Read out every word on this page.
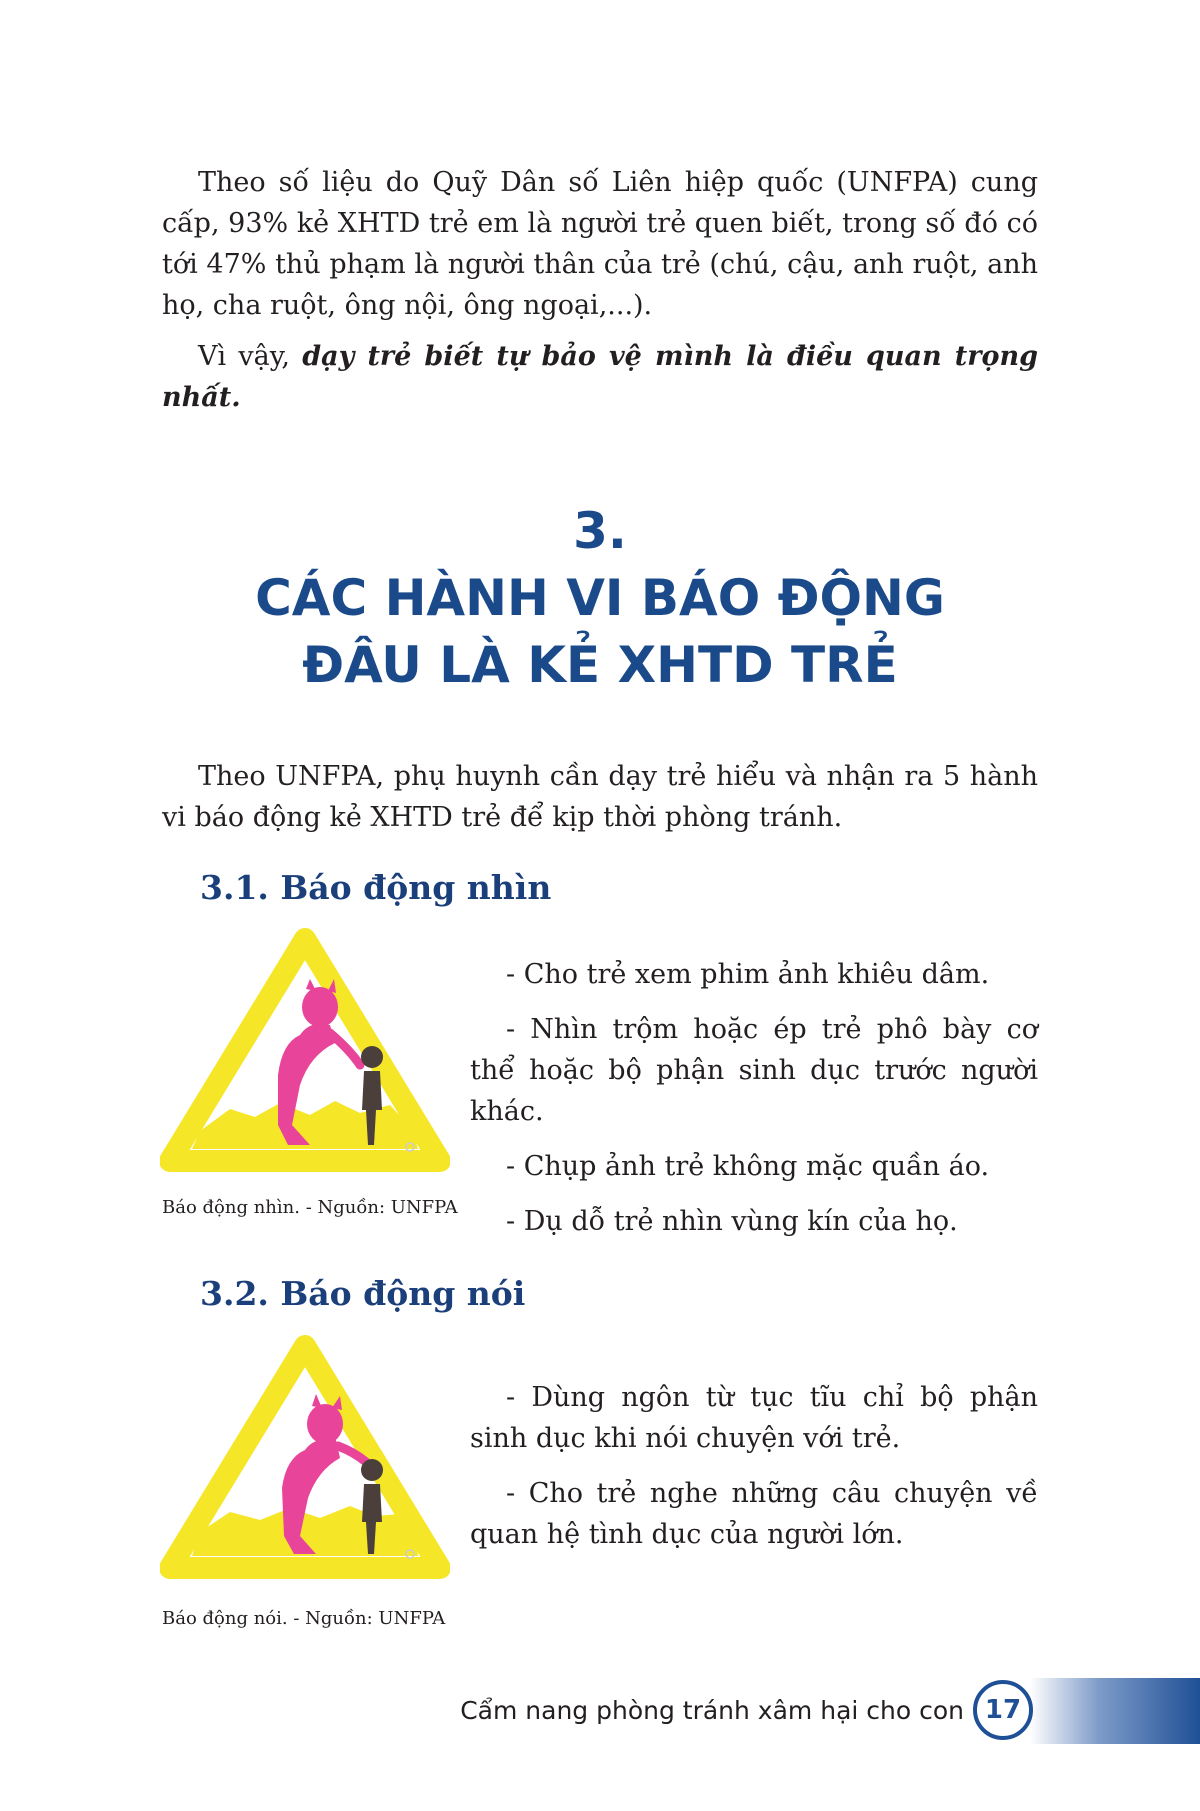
Theo số liệu do Quỹ Dân số Liên hiệp quốc (UNFPA) cung cấp, 93% kẻ XHTD trẻ em là người trẻ quen biết, trong số đó có tới 47% thủ phạm là người thân của trẻ (chú, cậu, anh ruột, anh họ, cha ruột, ông nội, ông ngoại,...).

Vì vậy, dạy trẻ biết tự bảo vệ mình là điều quan trọng nhất.

3.
CÁC HÀNH VI BÁO ĐỘNG
ĐÂU LÀ KẺ XHTD TRẺ

Theo UNFPA, phụ huynh cần dạy trẻ hiểu và nhận ra 5 hành vi báo động kẻ XHTD trẻ để kịp thời phòng tránh.

3.1. Báo động nhìn
Báo động nhìn. - Nguồn: UNFPA
- Cho trẻ xem phim ảnh khiêu dâm.
- Nhìn trộm hoặc ép trẻ phô bày cơ thể hoặc bộ phận sinh dục trước người khác.
- Chụp ảnh trẻ không mặc quần áo.
- Dụ dỗ trẻ nhìn vùng kín của họ.
3.2. Báo động nói
Báo động nói. - Nguồn: UNFPA
- Dùng ngôn từ tục tĩu chỉ bộ phận sinh dục khi nói chuyện với trẻ.
- Cho trẻ nghe những câu chuyện về quan hệ tình dục của người lớn.
Cẩm nang phòng tránh xâm hại cho con 17
